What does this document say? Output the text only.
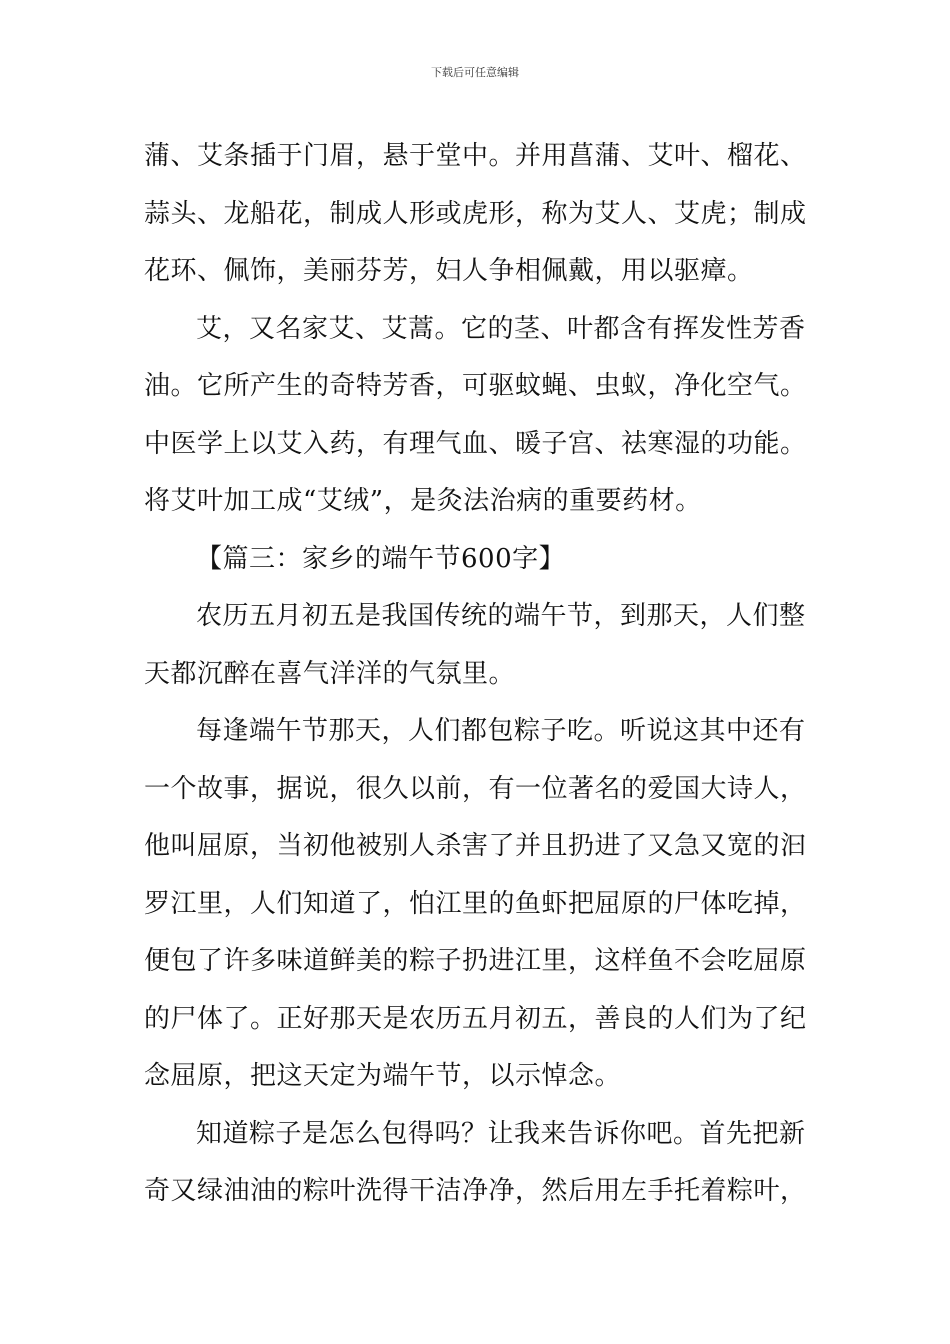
下载后可任意编辑

蒲、艾条插于门眉，悬于堂中。并用菖蒲、艾叶、榴花、
蒜头、龙船花，制成人形或虎形，称为艾人、艾虎；制成
花环、佩饰，美丽芬芳，妇人争相佩戴，用以驱瘴。

艾，又名家艾、艾蒿。它的茎、叶都含有挥发性芳香
油。它所产生的奇特芳香，可驱蚊蝇、虫蚁，净化空气。
中医学上以艾入药，有理气血、暖子宫、祛寒湿的功能。
将艾叶加工成“艾绒”，是灸法治病的重要药材。

【篇三：家乡的端午节600字】

农历五月初五是我国传统的端午节，到那天，人们整
天都沉醉在喜气洋洋的气氛里。

每逢端午节那天，人们都包粽子吃。听说这其中还有
一个故事，据说，很久以前，有一位著名的爱国大诗人，
他叫屈原，当初他被别人杀害了并且扔进了又急又宽的汩
罗江里，人们知道了，怕江里的鱼虾把屈原的尸体吃掉，
便包了许多味道鲜美的粽子扔进江里，这样鱼不会吃屈原
的尸体了。正好那天是农历五月初五，善良的人们为了纪
念屈原，把这天定为端午节，以示悼念。

知道粽子是怎么包得吗？让我来告诉你吧。首先把新
奇又绿油油的粽叶洗得干洁净净，然后用左手托着粽叶，
